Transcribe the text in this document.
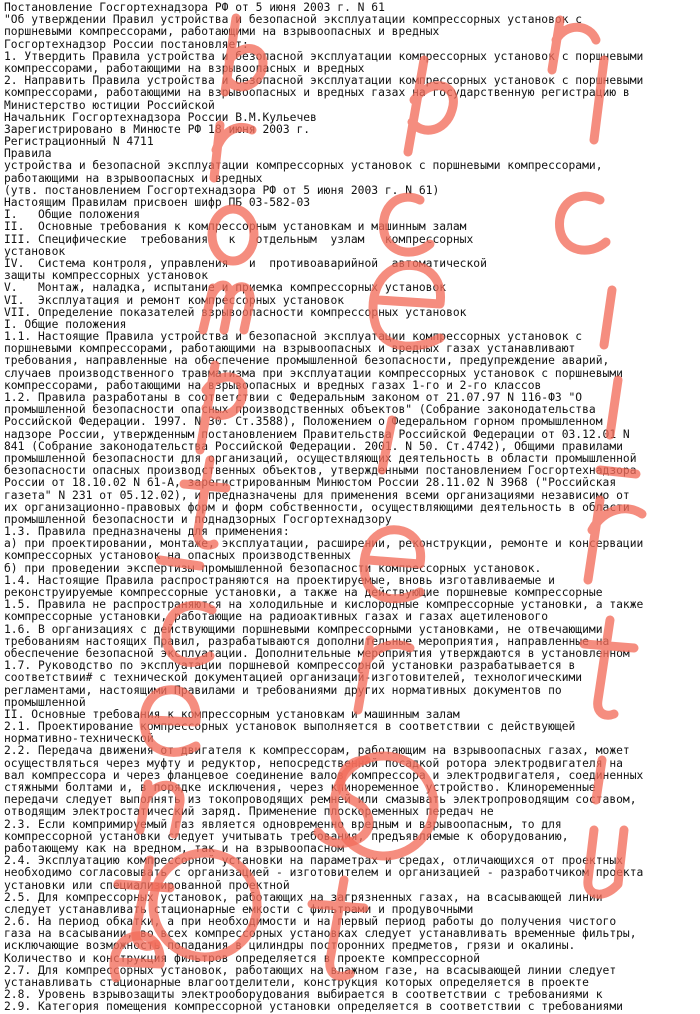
Постановление Госгортехнадзора РФ от 5 июня 2003 г. N 61
"Об утверждении Правил устройства и безопасной эксплуатации компрессорных установок с
поршневыми компрессорами, работающими на взрывоопасных и вредных
Госгортехнадзор России постановляет:
1. Утвердить Правила устройства и безопасной эксплуатации компрессорных установок с поршневыми
компрессорами, работающими на взрывоопасных и вредных
2. Направить Правила устройства и безопасной эксплуатации компрессорных установок с поршневыми
компрессорами, работающими на взрывоопасных и вредных газах на государственную регистрацию в
Министерство юстиции Российской
Начальник Госгортехнадзора России В.М.Кульечев
Зарегистрировано в Минюсте РФ 18 июня 2003 г.
Регистрационный N 4711
Правила
устройства и безопасной эксплуатации компрессорных установок с поршневыми компрессорами,
работающими на взрывоопасных и вредных
(утв. постановлением Госгортехнадзора РФ от 5 июня 2003 г. N 61)
Настоящим Правилам присвоен шифр ПБ 03-582-03
I.   Общие положения
II.  Основные требования к компрессорным установкам и машинным залам
III. Специфические  требования   к   отдельным  узлам   компрессорных
установок
IV.  Система контроля, управления   и  противоаварийной  автоматической
защиты компрессорных установок
V.   Монтаж, наладка, испытание и приемка компрессорных установок
VI.  Эксплуатация и ремонт компрессорных установок
VII. Определение показателей взрывоопасности компрессорных установок
I. Общие положения
1.1. Настоящие Правила устройства и безопасной эксплуатации компрессорных установок с
поршневыми компрессорами, работающими на взрывоопасных и вредных газах устанавливают
требования, направленные на обеспечение промышленной безопасности, предупреждение аварий,
случаев производственного травматизма при эксплуатации компрессорных установок с поршневыми
компрессорами, работающими на взрывоопасных и вредных газах 1-го и 2-го классов
1.2. Правила разработаны в соответствии с Федеральным законом от 21.07.97 N 116-ФЗ "О
промышленной безопасности опасных производственных объектов" (Собрание законодательства
Российской Федерации. 1997. N 30. Ст.3588), Положением о Федеральном горном промышленном
надзоре России, утвержденным постановлением Правительства Российской Федерации от 03.12.01 N
841 (Собрание законодательства Российской Федерации. 2001. N 50. Ст.4742), Общими правилами
промышленной безопасности для организаций, осуществляющих деятельность в области промышленной
безопасности опасных производственных объектов, утвержденными постановлением Госгортехнадзора
России от 18.10.02 N 61-А, зарегистрированным Минюстом России 28.11.02 N 3968 ("Российская
газета" N 231 от 05.12.02), и предназначены для применения всеми организациями независимо от
их организационно-правовых форм и форм собственности, осуществляющими деятельность в области
промышленной безопасности и поднадзорных Госгортехнадзору
1.3. Правила предназначены для применения:
а) при проектировании, монтаже, эксплуатации, расширении, реконструкции, ремонте и консервации
компрессорных установок на опасных производственных
б) при проведении экспертизы промышленной безопасности компрессорных установок.
1.4. Настоящие Правила распространяются на проектируемые, вновь изготавливаемые и
реконструируемые компрессорные установки, а также на действующие поршневые компрессорные
1.5. Правила не распространяются на холодильные и кислородные компрессорные установки, а также
компрессорные установки, работающие на радиоактивных газах и газах ацетиленового
1.6. В организациях с действующими поршневыми компрессорными установками, не отвечающими
требованиям настоящих Правил, разрабатываются дополнительные мероприятия, направленные на
обеспечение безопасной эксплуатации. Дополнительные мероприятия утверждаются в установленном
1.7. Руководство по эксплуатации поршневой компрессорной установки разрабатывается в
соответствии# с технической документацией организаций-изготовителей, технологическими
регламентами, настоящими Правилами и требованиями других нормативных документов по
промышленной
II. Основные требования к компрессорным установкам и машинным залам
2.1. Проектирование компрессорных установок выполняется в соответствии с действующей
нормативно-технической
2.2. Передача движения от двигателя к компрессорам, работающим на взрывоопасных газах, может
осуществляться через муфту и редуктор, непосредственной посадкой ротора электродвигателя на
вал компрессора и через фланцевое соединение валов компрессора и электродвигателя, соединенных
стяжными болтами и, в порядке исключения, через клиноременное устройство. Клиноременные
передачи следует выполнять из токопроводящих ремней или смазывать электропроводящим составом,
отводящим электростатический заряд. Применение плоскоременных передач не
2.3. Если компримируемый газ является одновременно вредным и взрывоопасным, то для
компрессорной установки следует учитывать требования, предъявляемые к оборудованию,
работающему как на вредном, так и на взрывоопасном
2.4. Эксплуатацию компрессорной установки на параметрах и средах, отличающихся от проектных
необходимо согласовывать с организацией - изготовителем и организацией - разработчиком проекта
установки или специализированной проектной
2.5. Для компрессорных установок, работающих на загрязненных газах, на всасывающей линии
следует устанавливать стационарные емкости с фильтрами и продувочными
2.6. На период обкатки, а при необходимости и на первый период работы до получения чистого
газа на всасывании, во всех компрессорных установках следует устанавливать временные фильтры,
исключающие возможность попадания в цилиндры посторонних предметов, грязи и окалины.
Количество и конструкция фильтров определяется в проекте компрессорной
2.7. Для компрессорных установок, работающих на влажном газе, на всасывающей линии следует
устанавливать стационарные влагоотделители, конструкция которых определяется в проекте
2.8. Уровень взрывозащиты электрооборудования выбирается в соответствии с требованиями к
2.9. Категория помещения компрессорной установки определяется в соответствии с требованиями
